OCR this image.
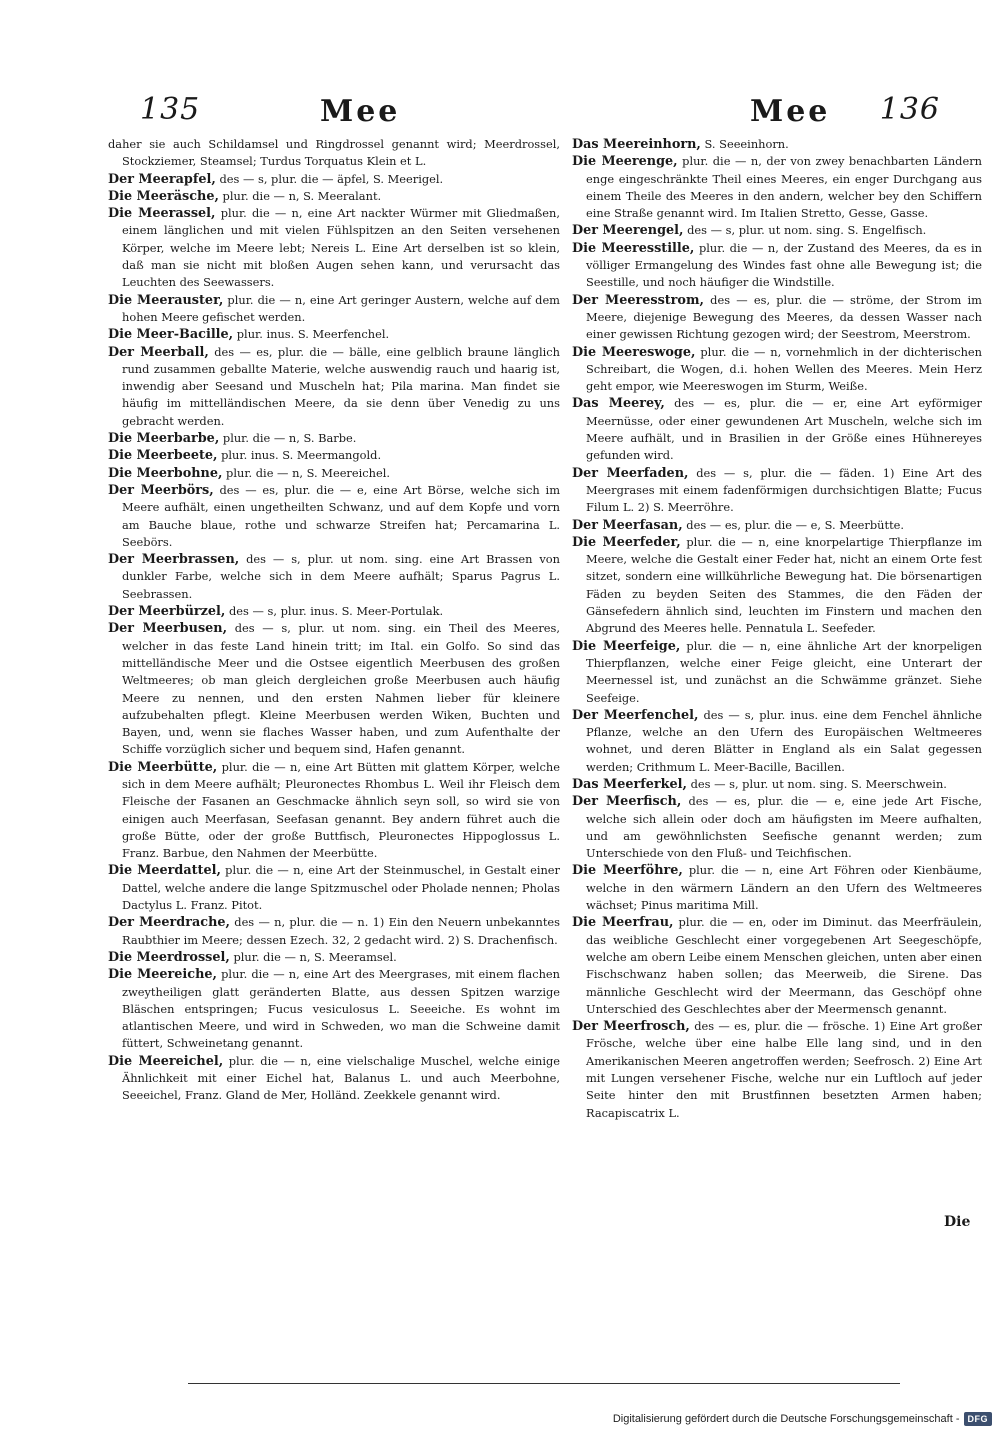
135	Mee	Mee 136

daher sie auch Schildamsel und Ringdrossel genannt wird; Meerdrossel, Stockziemer, Steamsel; Turdus Torquatus Klein et L.

Der Meerapfel, des — s, plur. die — äpfel, S. Meerigel.

Die Meeräsche, plur. die — n, S. Meeralant.

Die Meerassel, plur. die — n, eine Art nackter Würmer mit Gliedmaßen, einem länglichen und mit vielen Fühlspitzen an den Seiten versehenen Körper, welche im Meere lebt; Nereis L. Eine Art derselben ist so klein, daß man sie nicht mit bloßen Augen sehen kann, und verursacht das Leuchten des Seewassers.

Die Meerauster, plur. die — n, eine Art geringer Austern, welche auf dem hohen Meere gefischet werden.

Die Meer-Bacille, plur. inus. S. Meerfenchel.

Der Meerball, des — es, plur. die — bälle, eine gelblich braune länglich rund zusammen geballte Materie, welche auswendig rauch und haarig ist, inwendig aber Seesand und Muscheln hat; Pila marina. Man findet sie häufig im mittelländischen Meere, da sie denn über Venedig zu uns gebracht werden.

Die Meerbarbe, plur. die — n, S. Barbe.

Die Meerbeete, plur. inus. S. Meermangold.

Die Meerbohne, plur. die — n, S. Meereichel.

Der Meerbörs, des — es, plur. die — e, eine Art Börse, welche sich im Meere aufhält, einen ungetheilten Schwanz, und auf dem Kopfe und vorn am Bauche blaue, rothe und schwarze Streifen hat; Percamarina L. Seebörs.

Der Meerbrassen, des — s, plur. ut nom. sing. eine Art Brassen von dunkler Farbe, welche sich in dem Meere aufhält; Sparus Pagrus L. Seebrassen.

Der Meerbürzel, des — s, plur. inus. S. Meer-Portulak.

Der Meerbusen, des — s, plur. ut nom. sing. ein Theil des Meeres, welcher in das feste Land hinein tritt; im Ital. ein Golfo. So sind das mittelländische Meer und die Ostsee eigentlich Meerbusen des großen Weltmeeres; ob man gleich dergleichen große Meerbusen auch häufig Meere zu nennen, und den ersten Nahmen lieber für kleinere aufzubehalten pflegt. Kleine Meerbusen werden Wiken, Buchten und Bayen, und, wenn sie flaches Wasser haben, und zum Aufenthalte der Schiffe vorzüglich sicher und bequem sind, Hafen genannt.

Die Meerbütte, plur. die — n, eine Art Bütten mit glattem Körper, welche sich in dem Meere aufhält; Pleuronectes Rhombus L. Weil ihr Fleisch dem Fleische der Fasanen an Geschmacke ähnlich seyn soll, so wird sie von einigen auch Meerfasan, Seefasan genannt. Bey andern führet auch die große Bütte, oder der große Buttfisch, Pleuronectes Hippoglossus L. Franz. Barbue, den Nahmen der Meerbütte.

Die Meerdattel, plur. die — n, eine Art der Steinmuschel, in Gestalt einer Dattel, welche andere die lange Spitzmuschel oder Pholade nennen; Pholas Dactylus L. Franz. Pitot.

Der Meerdrache, des — n, plur. die — n. 1) Ein den Neuern unbekanntes Raubthier im Meere; dessen Ezech. 32, 2 gedacht wird. 2) S. Drachenfisch.

Die Meerdrossel, plur. die — n, S. Meeramsel.

Die Meereiche, plur. die — n, eine Art des Meergrases, mit einem flachen zweytheiligen glatt geränderten Blatte, aus dessen Spitzen warzige Bläschen entspringen; Fucus vesiculosus L. Seeeiche. Es wohnt im atlantischen Meere, und wird in Schweden, wo man die Schweine damit füttert, Schweinetang genannt.

Die Meereichel, plur. die — n, eine vielschalige Muschel, welche einige Ähnlichkeit mit einer Eichel hat, Balanus L. und auch Meerbohne, Seeeichel, Franz. Gland de Mer, Holländ. Zeekkele genannt wird.

Das Meereinhorn, S. Seeeinhorn.

Die Meerenge, plur. die — n, der von zwey benachbarten Ländern enge eingeschränkte Theil eines Meeres, ein enger Durchgang aus einem Theile des Meeres in den andern, welcher bey den Schiffern eine Straße genannt wird. Im Italien Stretto, Gesse, Gasse.

Der Meerengel, des — s, plur. ut nom. sing. S. Engelfisch.

Die Meeresstille, plur. die — n, der Zustand des Meeres, da es in völliger Ermangelung des Windes fast ohne alle Bewegung ist; die Seestille, und noch häufiger die Windstille.

Der Meeresstrom, des — es, plur. die — ströme, der Strom im Meere, diejenige Bewegung des Meeres, da dessen Wasser nach einer gewissen Richtung gezogen wird; der Seestrom, Meerstrom.

Die Meereswoge, plur. die — n, vornehmlich in der dichterischen Schreibart, die Wogen, d.i. hohen Wellen des Meeres. Mein Herz geht empor, wie Meereswogen im Sturm, Weiße.

Das Meerey, des — es, plur. die — er, eine Art eyförmiger Meernüsse, oder einer gewundenen Art Muscheln, welche sich im Meere aufhält, und in Brasilien in der Größe eines Hühnereyes gefunden wird.

Der Meerfaden, des — s, plur. die — fäden. 1) Eine Art des Meergrases mit einem fadenförmigen durchsichtigen Blatte; Fucus Filum L. 2) S. Meerröhre.

Der Meerfasan, des — es, plur. die — e, S. Meerbütte.

Die Meerfeder, plur. die — n, eine knorpelartige Thierpflanze im Meere, welche die Gestalt einer Feder hat, nicht an einem Orte fest sitzet, sondern eine willkührliche Bewegung hat. Die börsenartigen Fäden zu beyden Seiten des Stammes, die den Fäden der Gänsefedern ähnlich sind, leuchten im Finstern und machen den Abgrund des Meeres helle. Pennatula L. Seefeder.

Die Meerfeige, plur. die — n, eine ähnliche Art der knorpeligen Thierpflanzen, welche einer Feige gleicht, eine Unterart der Meernessel ist, und zunächst an die Schwämme gränzet. Siehe Seefeige.

Der Meerfenchel, des — s, plur. inus. eine dem Fenchel ähnliche Pflanze, welche an den Ufern des Europäischen Weltmeeres wohnet, und deren Blätter in England als ein Salat gegessen werden; Crithmum L. Meer-Bacille, Bacillen.

Das Meerferkel, des — s, plur. ut nom. sing. S. Meerschwein.

Der Meerfisch, des — es, plur. die — e, eine jede Art Fische, welche sich allein oder doch am häufigsten im Meere aufhalten, und am gewöhnlichsten Seefische genannt werden; zum Unterschiede von den Fluß- und Teichfischen.

Die Meerföhre, plur. die — n, eine Art Föhren oder Kienbäume, welche in den wärmern Ländern an den Ufern des Weltmeeres wächset; Pinus maritima Mill.

Die Meerfrau, plur. die — en, oder im Diminut. das Meerfräulein, das weibliche Geschlecht einer vorgegebenen Art Seegeschöpfe, welche am obern Leibe einem Menschen gleichen, unten aber einen Fischschwanz haben sollen; das Meerweib, die Sirene. Das männliche Geschlecht wird der Meermann, das Geschöpf ohne Unterschied des Geschlechtes aber der Meermensch genannt.

Der Meerfrosch, des — es, plur. die — frösche. 1) Eine Art großer Frösche, welche über eine halbe Elle lang sind, und in den Amerikanischen Meeren angetroffen werden; Seefrosch. 2) Eine Art mit Lungen versehener Fische, welche nur ein Luftloch auf jeder Seite hinter den mit Brustfinnen besetzten Armen haben; Racapiscatrix L.

Die
Digitalisierung gefördert durch die Deutsche Forschungsgemeinschaft - DFG
